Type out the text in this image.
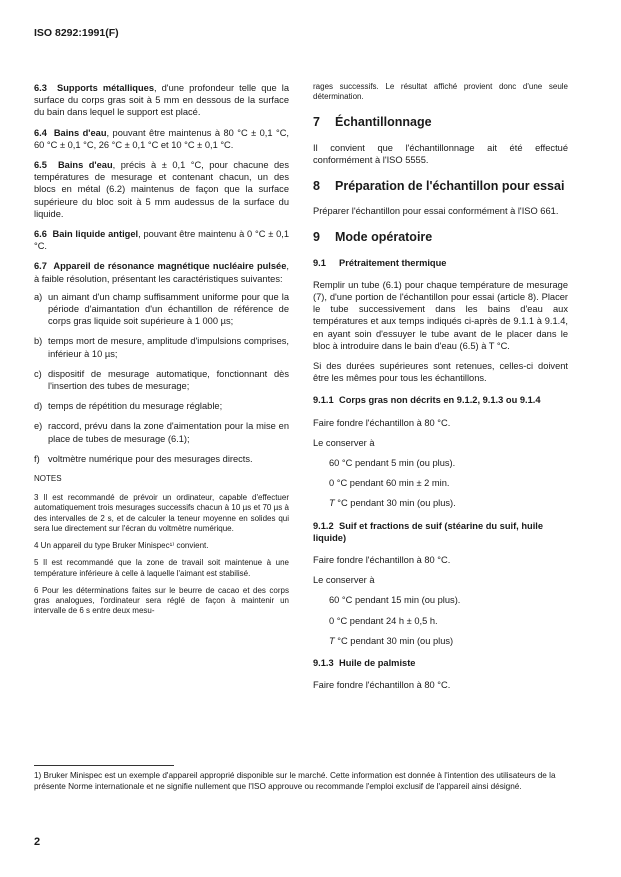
ISO 8292:1991(F)

6.3 Supports métalliques, d'une profondeur telle que la surface du corps gras soit à 5 mm en dessous de la surface du bain dans lequel le support est placé.

6.4 Bains d'eau, pouvant être maintenus à 80 °C ± 0,1 °C, 60 °C ± 0,1 °C, 26 °C ± 0,1 °C et 10 °C ± 0,1 °C.

6.5 Bains d'eau, précis à ± 0,1 °C, pour chacune des températures de mesurage et contenant chacun, un des blocs en métal (6.2) maintenus de façon que la surface supérieure du bloc soit à 5 mm audessus de la surface du liquide.

6.6 Bain liquide antigel, pouvant être maintenu à 0 °C ± 0,1 °C.

6.7 Appareil de résonance magnétique nucléaire pulsée, à faible résolution, présentant les caractéristiques suivantes:

a) un aimant d'un champ suffisamment uniforme pour que la période d'aimantation d'un échantillon de référence de corps gras liquide soit supérieure à 1 000 µs;
b) temps mort de mesure, amplitude d'impulsions comprises, inférieur à 10 µs;
c) dispositif de mesurage automatique, fonctionnant dès l'insertion des tubes de mesurage;
d) temps de répétition du mesurage réglable;
e) raccord, prévu dans la zone d'aimentation pour la mise en place de tubes de mesurage (6.1);
f) voltmètre numérique pour des mesurages directs.
NOTES
3 Il est recommandé de prévoir un ordinateur, capable d'effectuer automatiquement trois mesurages successifs chacun à 10 µs et 70 µs à des intervalles de 2 s, et de calculer la teneur moyenne en solides qui sera lue directement sur l'écran du voltmètre numérique.
4 Un appareil du type Bruker Minispec¹⁾ convient.
5 Il est recommandé que la zone de travail soit maintenue à une température inférieure à celle à laquelle l'aimant est stabilisé.
6 Pour les déterminations faites sur le beurre de cacao et des corps gras analogues, l'ordinateur sera réglé de façon à maintenir un intervalle de 6 s entre deux mesu-

rages successifs. Le résultat affiché provient donc d'une seule détermination.

7 Échantillonnage

Il convient que l'échantillonnage ait été effectué conformément à l'ISO 5555.

8 Préparation de l'échantillon pour essai

Préparer l'échantillon pour essai conformément à l'ISO 661.

9 Mode opératoire
9.1 Prétraitement thermique

Remplir un tube (6.1) pour chaque température de mesurage (7), d'une portion de l'échantillon pour essai (article 8). Placer le tube successivement dans les bains d'eau aux températures et aux temps indiqués ci-après de 9.1.1 à 9.1.4, en ayant soin d'essuyer le tube avant de le placer dans le bloc à introduire dans le bain d'eau (6.5) à T °C.

Si des durées supérieures sont retenues, celles-ci doivent être les mêmes pour tous les échantillons.

9.1.1 Corps gras non décrits en 9.1.2, 9.1.3 ou 9.1.4

Faire fondre l'échantillon à 80 °C.

Le conserver à

60 °C pendant 5 min (ou plus).

0 °C pendant 60 min ± 2 min.

T °C pendant 30 min (ou plus).

9.1.2 Suif et fractions de suif (stéarine du suif, huile liquide)

Faire fondre l'échantillon à 80 °C.

Le conserver à

60 °C pendant 15 min (ou plus).

0 °C pendant 24 h ± 0,5 h.

T °C pendant 30 min (ou plus)

9.1.3 Huile de palmiste

Faire fondre l'échantillon à 80 °C.

1) Bruker Minispec est un exemple d'appareil approprié disponible sur le marché. Cette information est donnée à l'intention des utilisateurs de la présente Norme internationale et ne signifie nullement que l'ISO approuve ou recommande l'emploi exclusif de l'appareil ainsi désigné.
2
